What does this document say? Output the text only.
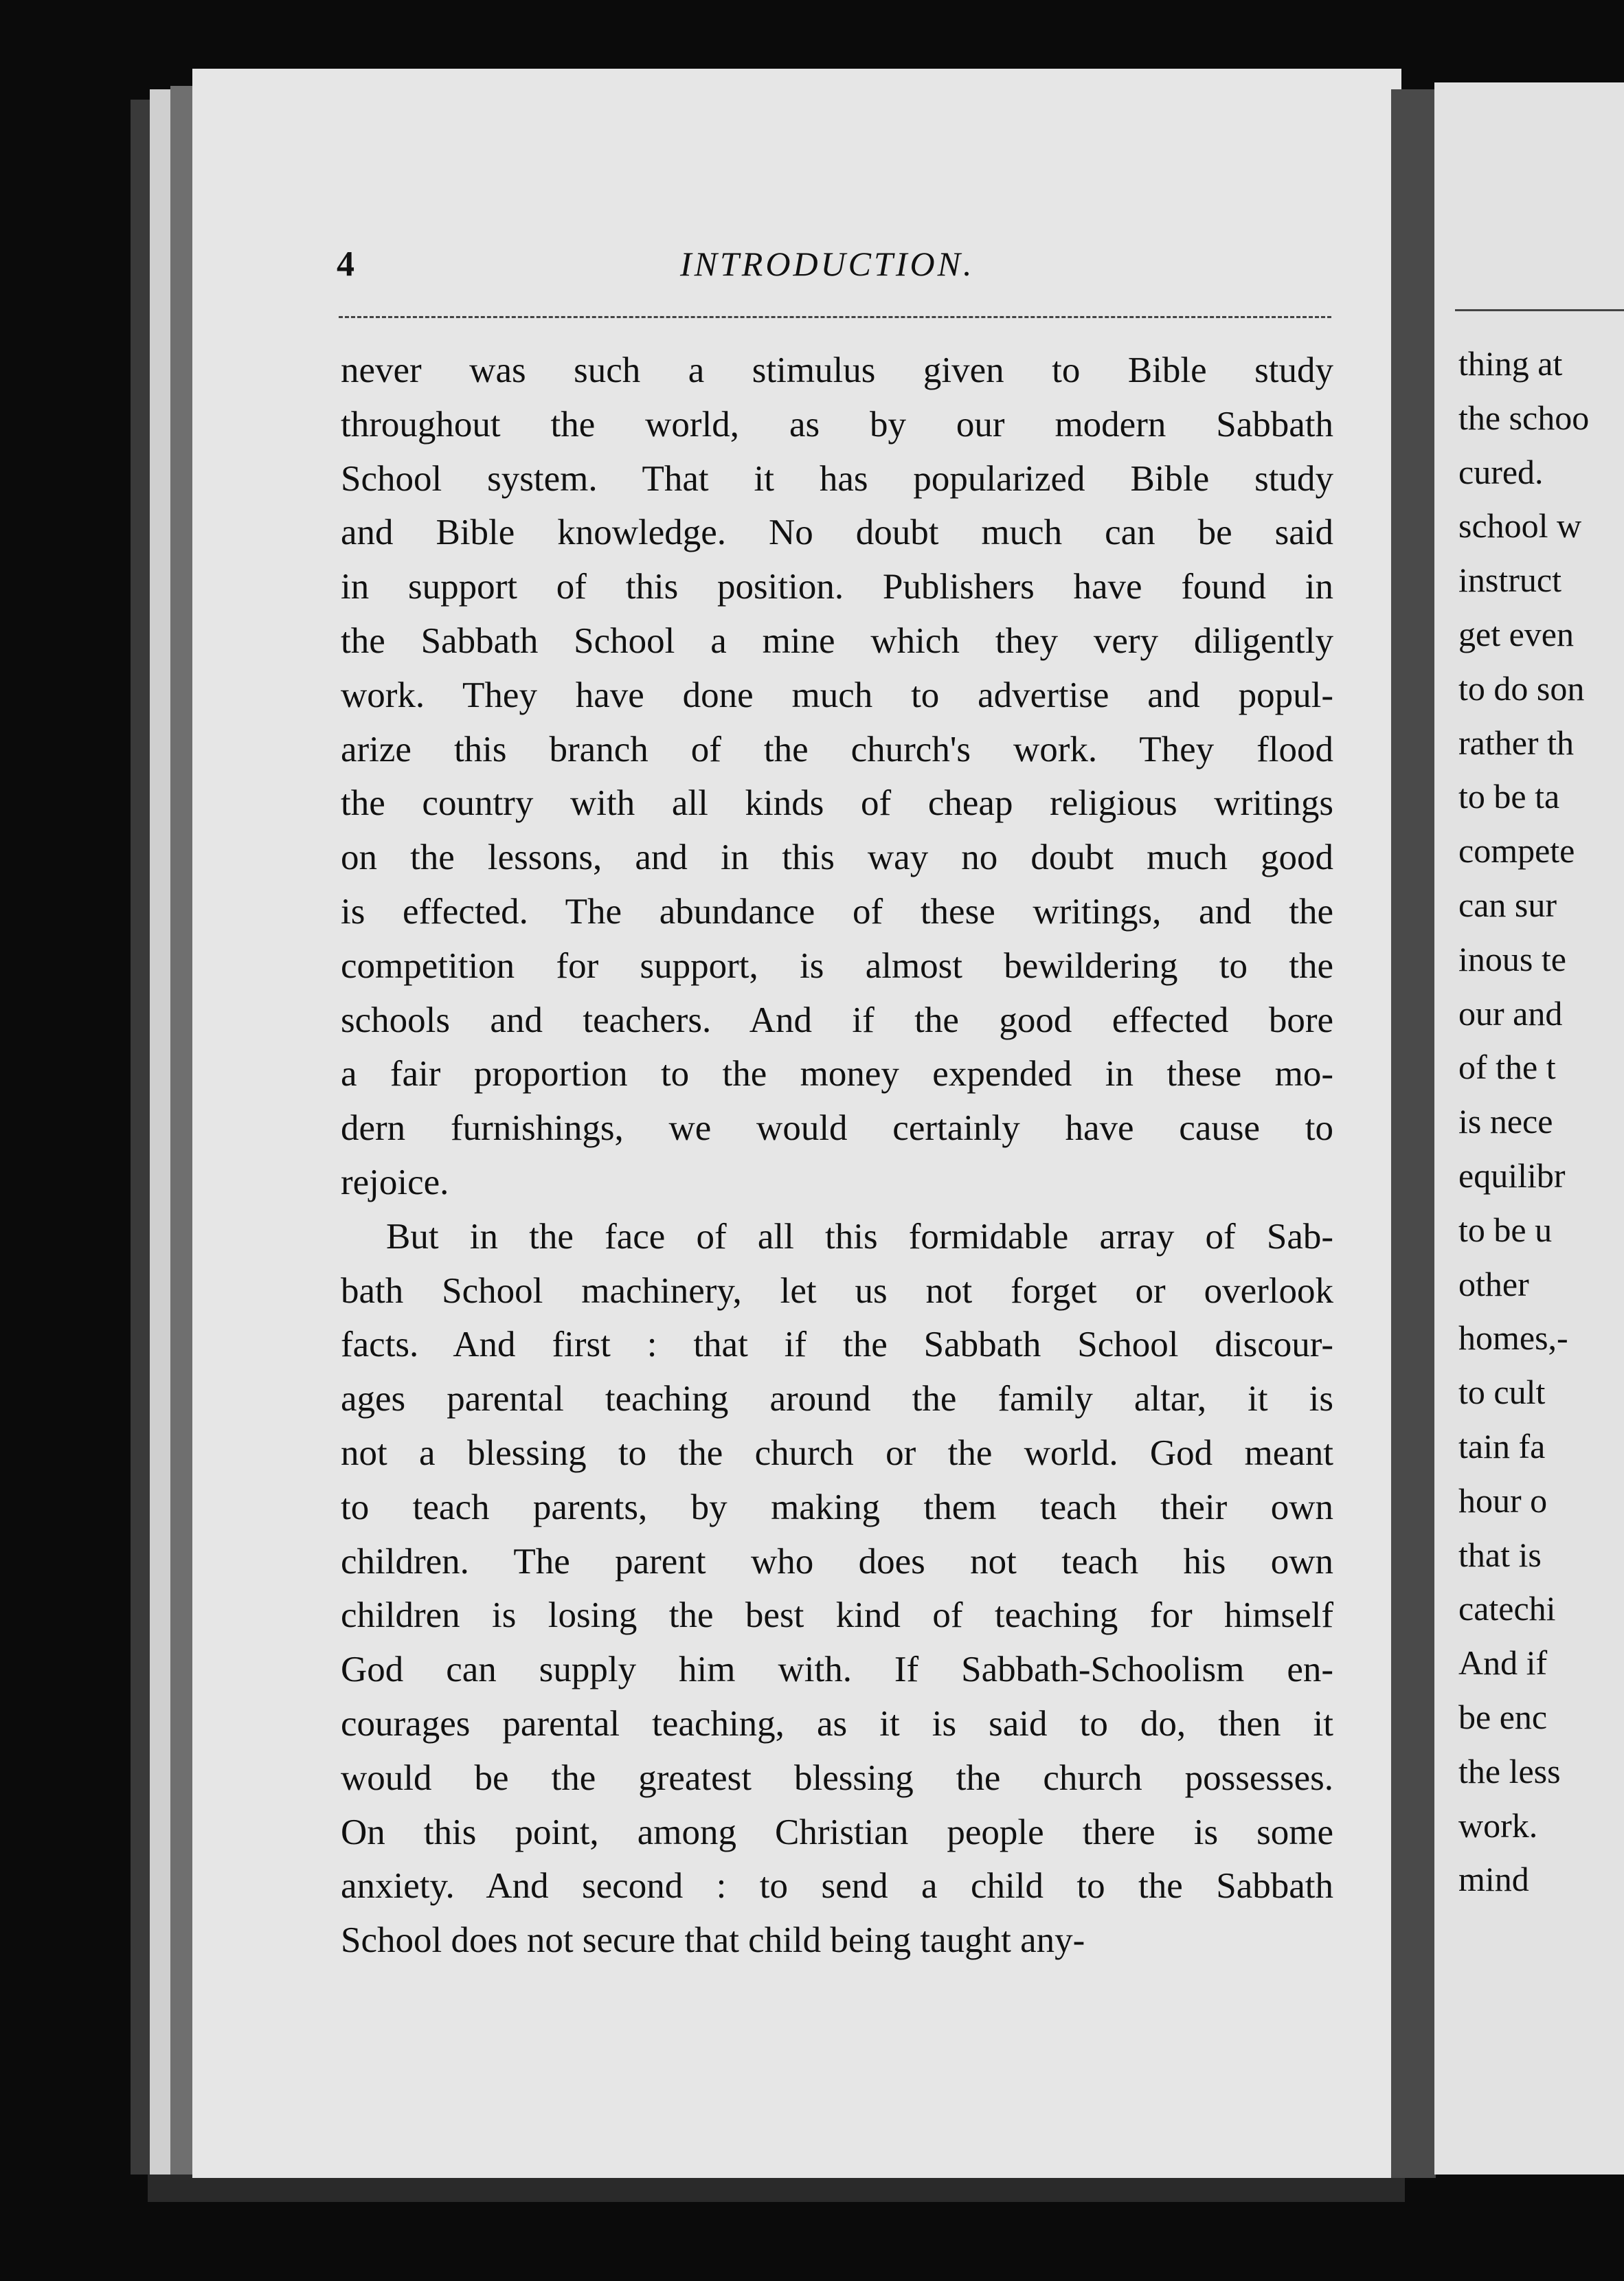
4	INTRODUCTION.

never was such a stimulus given to Bible study
throughout the world, as by our modern Sabbath
School system. That it has popularized Bible study
and Bible knowledge. No doubt much can be said
in support of this position. Publishers have found in
the Sabbath School a mine which they very diligently
work. They have done much to advertise and popul-
arize this branch of the church's work. They flood
the country with all kinds of cheap religious writings
on the lessons, and in this way no doubt much good
is effected. The abundance of these writings, and the
competition for support, is almost bewildering to the
schools and teachers. And if the good effected bore
a fair proportion to the money expended in these mo-
dern furnishings, we would certainly have cause to
rejoice.

But in the face of all this formidable array of Sab-
bath School machinery, let us not forget or overlook
facts. And first : that if the Sabbath School discour-
ages parental teaching around the family altar, it is
not a blessing to the church or the world. God meant
to teach parents, by making them teach their own
children. The parent who does not teach his own
children is losing the best kind of teaching for himself
God can supply him with. If Sabbath-Schoolism en-
courages parental teaching, as it is said to do, then it
would be the greatest blessing the church possesses.
On this point, among Christian people there is some
anxiety. And second : to send a child to the Sabbath
School does not secure that child being taught any-

thing at
the schoo
cured.
school w
instruct
get even
to do son
rather th
to be ta
compete
can sur
inous te
our and
of the t
is nece
equilibr
to be u
other
homes,-
to cult
tain fa
hour o
that is
catechi
And if
be enc
the less
work.
mind
